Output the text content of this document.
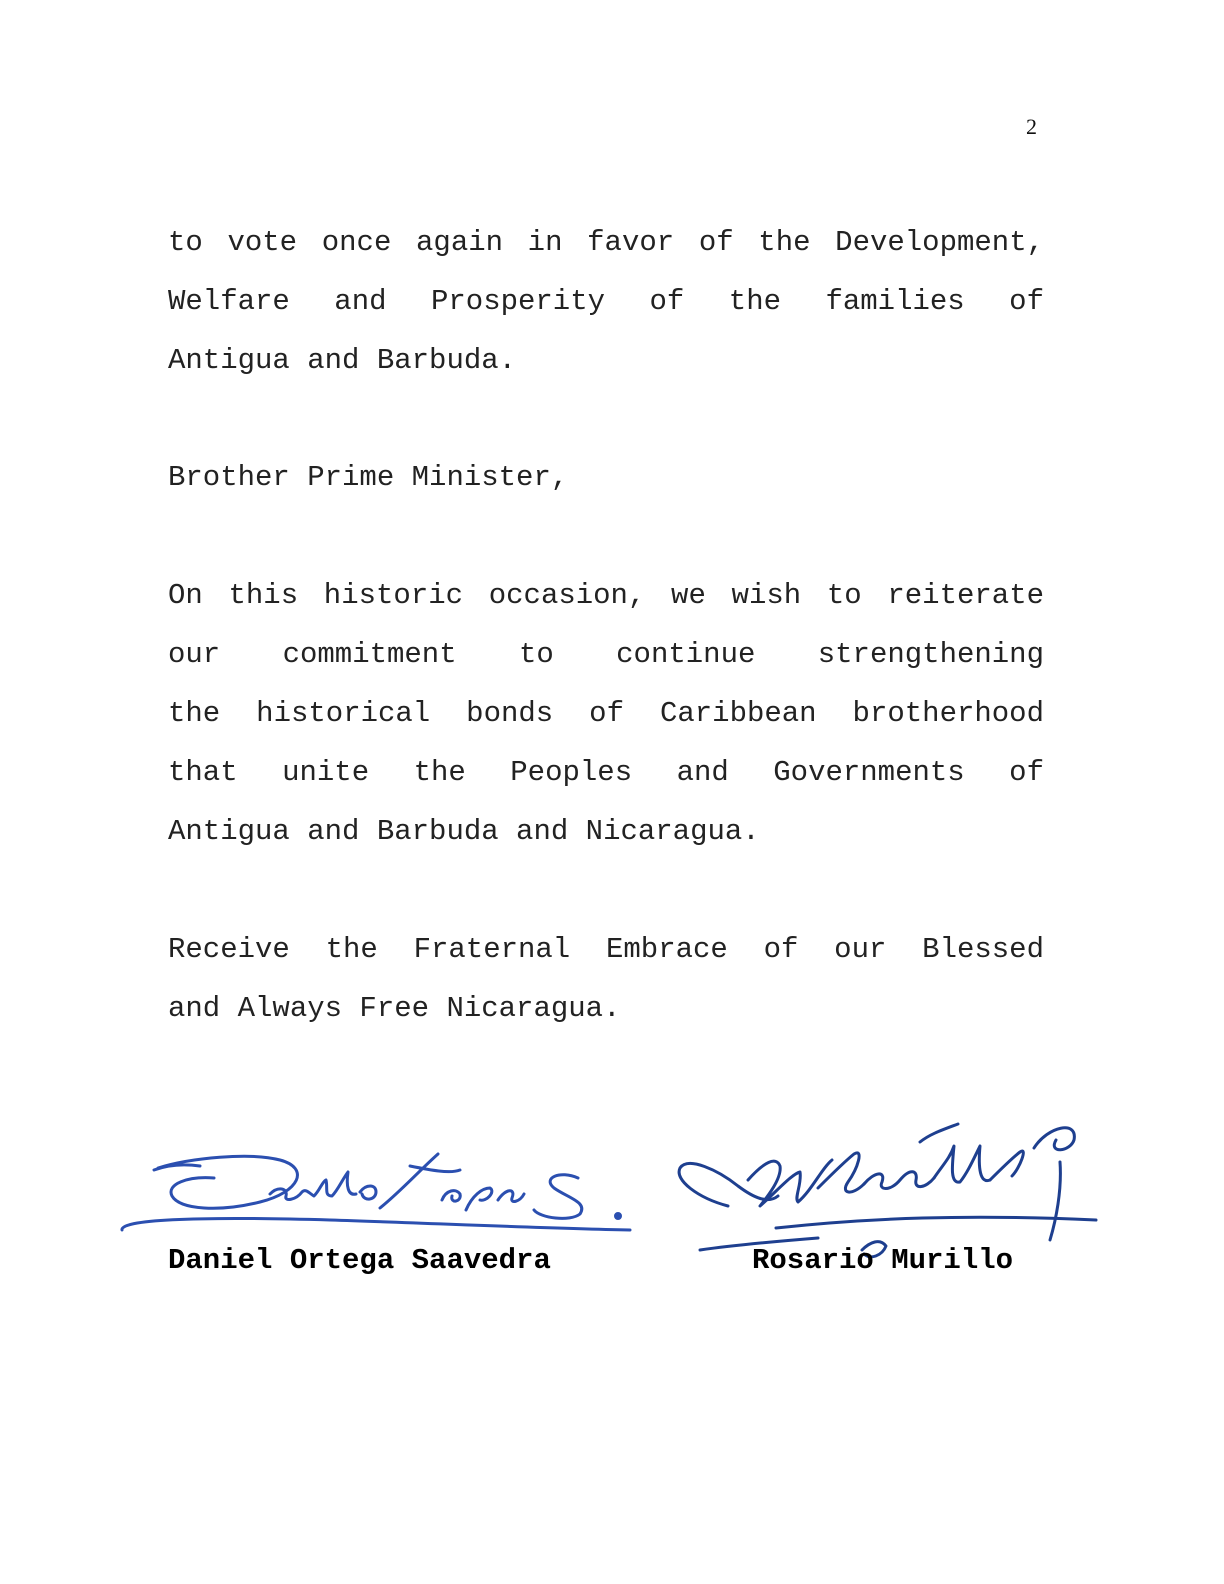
2
to vote once again in favor of the Development,
Welfare and Prosperity of the families of
Antigua and Barbuda.
Brother Prime Minister,
On this historic occasion, we wish to reiterate
our commitment to continue strengthening
the historical bonds of Caribbean brotherhood
that unite the Peoples and Governments of
Antigua and Barbuda and Nicaragua.
Receive the Fraternal Embrace of our Blessed
and Always Free Nicaragua.
Daniel Ortega Saavedra	Rosario Murillo
